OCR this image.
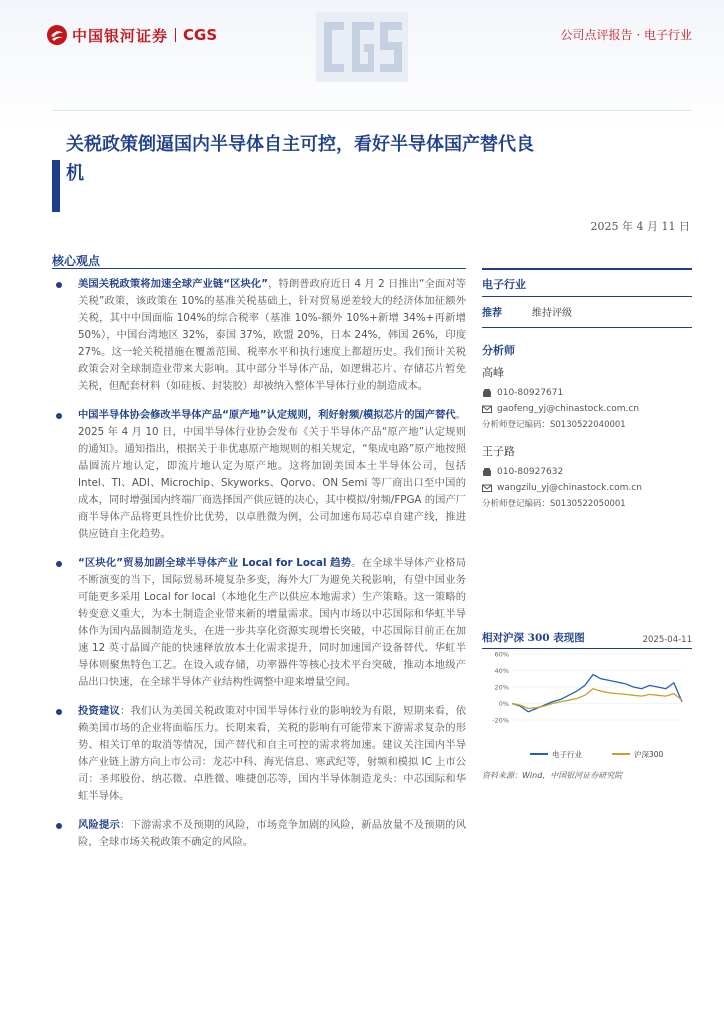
中国银河证券 CGS	公司点评报告 · 电子行业
关税政策倒逼国内半导体自主可控，看好半导体国产替代良机
2025 年 4 月 11 日
核心观点
美国关税政策将加速全球产业链“区块化”，特朗普政府近日 4 月 2 日推出“全面对等关税”政策，该政策在 10%的基准关税基础上，针对贸易逆差较大的经济体加征额外关税，其中中国面临 104%的综合税率（基准 10%-额外 10%+新增 34%+再新增 50%），中国台湾地区 32%，泰国 37%，欧盟 20%，日本 24%，韩国 26%，印度 27%。这一轮关税措施在覆盖范围、税率水平和执行速度上都超历史。我们预计关税政策会对全球制造业带来大影响。其中部分半导体产品，如逻辑芯片、存储芯片暂免关税，但配套材料（如硅板、封装胶）却被纳入整体半导体行业的制造成本。
中国半导体协会修改半导体产品“原产地”认定规则，利好射频/模拟芯片的国产替代。2025 年 4 月 10 日，中国半导体行业协会发布《关于半导体产品“原产地”认定规则的通知》。通知指出，根据关于非优惠原产地规则的相关规定，“集成电路”原产地按照晶圆流片地认定，即流片地认定为原产地。这将加剧美国本土半导体公司，包括 Intel、TI、ADI、Microchip、Skyworks、Qorvo、ON Semi 等厂商出口至中国的成本，同时增强国内终端厂商选择国产供应链的决心，其中模拟/射频/FPGA 的国产厂商半导体产品将更具性价比优势，以卓胜微为例，公司加速布局芯卓自建产线，推进供应链自主化趋势。
“区块化”贸易加剧全球半导体产业 Local for Local 趋势。在全球半导体产业格局不断演变的当下，国际贸易环境复杂多变，海外大厂为避免关税影响，有望中国业务可能更多采用 Local for local（本地化生产以供应本地需求）生产策略。这一策略的转变意义重大，为本土制造企业带来新的增量需求。国内市场以中芯国际和华虹半导体作为国内晶圆制造龙头，在进一步共享化资源实现增长突破，中芯国际目前正在加速 12 英寸晶圆产能的快速释放放本土化需求提升，同时加速国产设备替代、华虹半导体则聚焦特色工艺。在设入或存储，功率器件等核心技术平台突破，推动本地级产品出口快速，在全球半导体产业结构性调整中迎来增量空间。
投资建议：我们认为美国关税政策对中国半导体行业的影响较为有限，短期来看，依赖美国市场的企业将面临压力。长期来看，关税的影响有可能带来下游需求复杂的形势、相关订单的取消等情况，国产替代和自主可控的需求将加速。建议关注国内半导体产业链上游方向上市公司：龙芯中科、海光信息、寒武纪等，射频和模拟 IC 上市公司：圣邦股份、纳芯微、卓胜微、唯捷创芯等，国内半导体制造龙头：中芯国际和华虹半导体。
风险提示：下游需求不及预期的风险，市场竞争加剧的风险，新品放量不及预期的风险，全球市场关税政策不确定的风险。
电子行业
推荐	维持评级
分析师
高峰
010-80927671
gaofeng_yj@chinastock.com.cn
分析师登记编码：S0130522040001
王子路
010-80927632
wangzilu_yj@chinastock.com.cn
分析师登记编码：S0130522050001
相对沪深 300 表现图	2025-04-11
60%
40%
20%
0%
-20%
电子行业	沪深300
资料来源：Wind，中国银河证券研究院
